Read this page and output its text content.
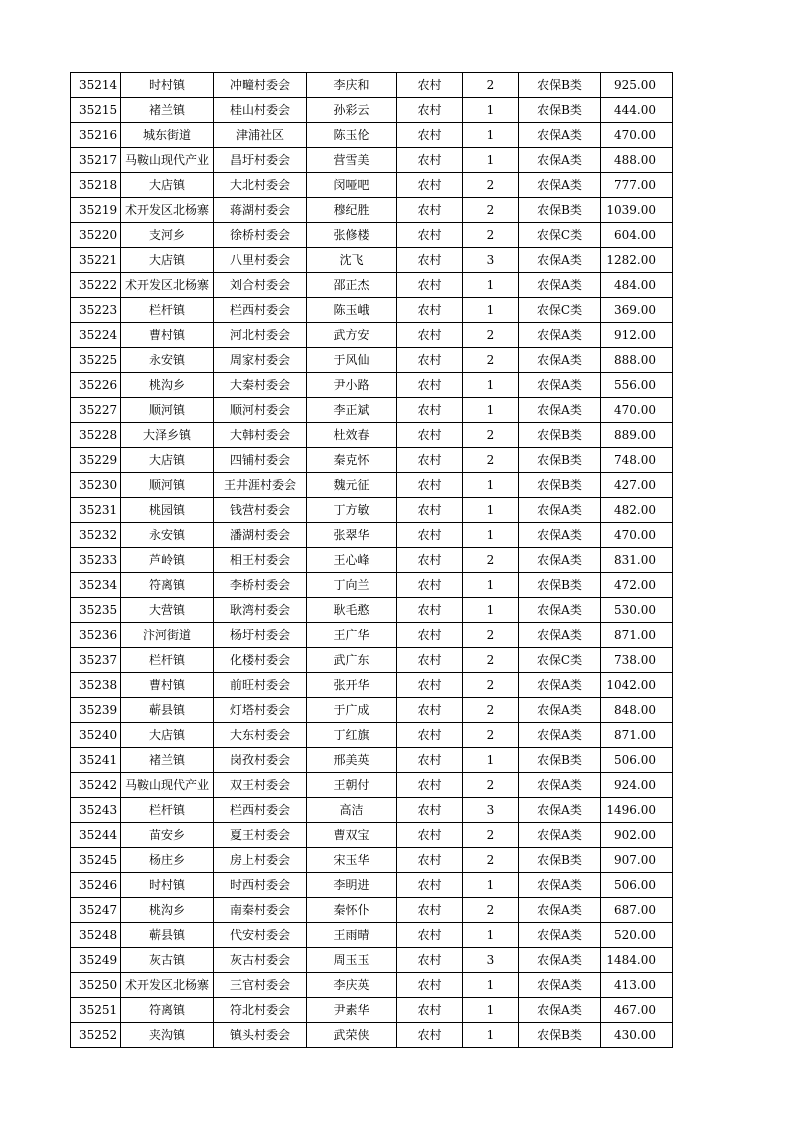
35214	时村镇	冲疃村委会	李庆和	农村	2	农保B类	925.00
35215	褚兰镇	桂山村委会	孙彩云	农村	1	农保B类	444.00
35216	城东街道	津浦社区	陈玉伦	农村	1	农保A类	470.00
35217	马鞍山现代产业	昌圩村委会	营雪美	农村	1	农保A类	488.00
35218	大店镇	大北村委会	闵哑吧	农村	2	农保A类	777.00
35219	术开发区北杨寨	蒋湖村委会	穆纪胜	农村	2	农保B类	1039.00
35220	支河乡	徐桥村委会	张修楼	农村	2	农保C类	604.00
35221	大店镇	八里村委会	沈飞	农村	3	农保A类	1282.00
35222	术开发区北杨寨	刘合村委会	邵正杰	农村	1	农保A类	484.00
35223	栏杆镇	栏西村委会	陈玉峨	农村	1	农保C类	369.00
35224	曹村镇	河北村委会	武方安	农村	2	农保A类	912.00
35225	永安镇	周家村委会	于风仙	农村	2	农保A类	888.00
35226	桃沟乡	大秦村委会	尹小路	农村	1	农保A类	556.00
35227	顺河镇	顺河村委会	李正斌	农村	1	农保A类	470.00
35228	大泽乡镇	大韩村委会	杜效春	农村	2	农保B类	889.00
35229	大店镇	四铺村委会	秦克怀	农村	2	农保B类	748.00
35230	顺河镇	王井涯村委会	魏元征	农村	1	农保B类	427.00
35231	桃园镇	钱营村委会	丁方敏	农村	1	农保A类	482.00
35232	永安镇	潘湖村委会	张翠华	农村	1	农保A类	470.00
35233	芦岭镇	相王村委会	王心峰	农村	2	农保A类	831.00
35234	符离镇	李桥村委会	丁向兰	农村	1	农保B类	472.00
35235	大营镇	耿湾村委会	耿毛憨	农村	1	农保A类	530.00
35236	汴河街道	杨圩村委会	王广华	农村	2	农保A类	871.00
35237	栏杆镇	化楼村委会	武广东	农村	2	农保C类	738.00
35238	曹村镇	前旺村委会	张开华	农村	2	农保A类	1042.00
35239	蕲县镇	灯塔村委会	于广成	农村	2	农保A类	848.00
35240	大店镇	大东村委会	丁红旗	农村	2	农保A类	871.00
35241	褚兰镇	岗孜村委会	邢美英	农村	1	农保B类	506.00
35242	马鞍山现代产业	双王村委会	王朝付	农村	2	农保A类	924.00
35243	栏杆镇	栏西村委会	高洁	农村	3	农保A类	1496.00
35244	苗安乡	夏王村委会	曹双宝	农村	2	农保A类	902.00
35245	杨庄乡	房上村委会	宋玉华	农村	2	农保B类	907.00
35246	时村镇	时西村委会	李明进	农村	1	农保A类	506.00
35247	桃沟乡	南秦村委会	秦怀仆	农村	2	农保A类	687.00
35248	蕲县镇	代安村委会	王雨晴	农村	1	农保A类	520.00
35249	灰古镇	灰古村委会	周玉玉	农村	3	农保A类	1484.00
35250	术开发区北杨寨	三官村委会	李庆英	农村	1	农保A类	413.00
35251	符离镇	符北村委会	尹素华	农村	1	农保A类	467.00
35252	夹沟镇	镇头村委会	武荣侠	农村	1	农保B类	430.00
